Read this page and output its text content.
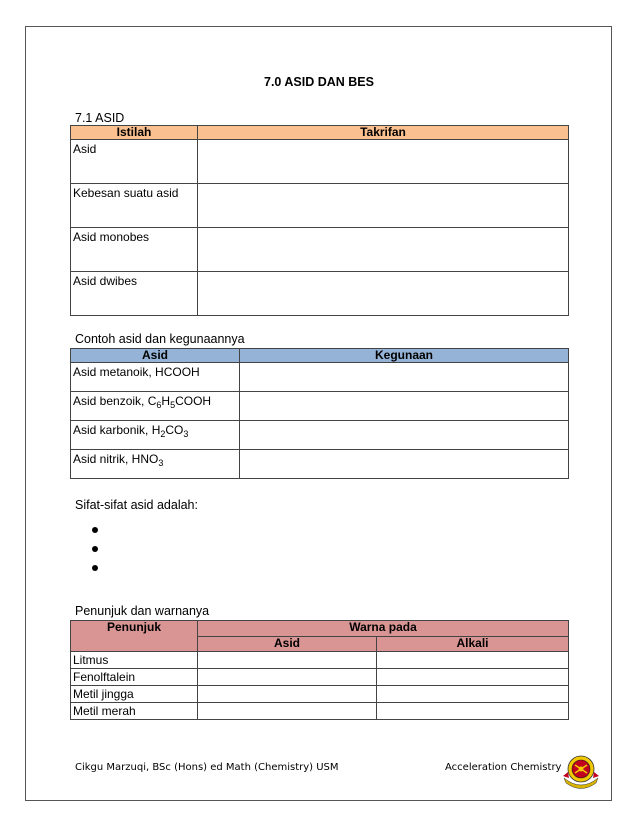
7.0 ASID DAN BES
7.1 ASID
Istilah	Takrifan

Asid	

Kebesan suatu asid	

Asid monobes	

Asid dwibes	

Contoh asid dan kegunaannya
Asid	Kegunaan

Asid metanoik, HCOOH	

Asid benzoik, $C_6H_5COOH$	

Asid karbonik, $H_2CO_3$

Asid nitrik, $HNO_3$

Sifat-sifat asid adalah:
Penunjuk dan warnanya
Penunjuk	Warna pada	
	Asid	Alkali

Litmus		

Fenolftalein		

Metil jingga		

Metil merah		

Cikgu Marzuqi, BSc (Hons) ed Math (Chemistry) USM	Acceleration Chemistry
